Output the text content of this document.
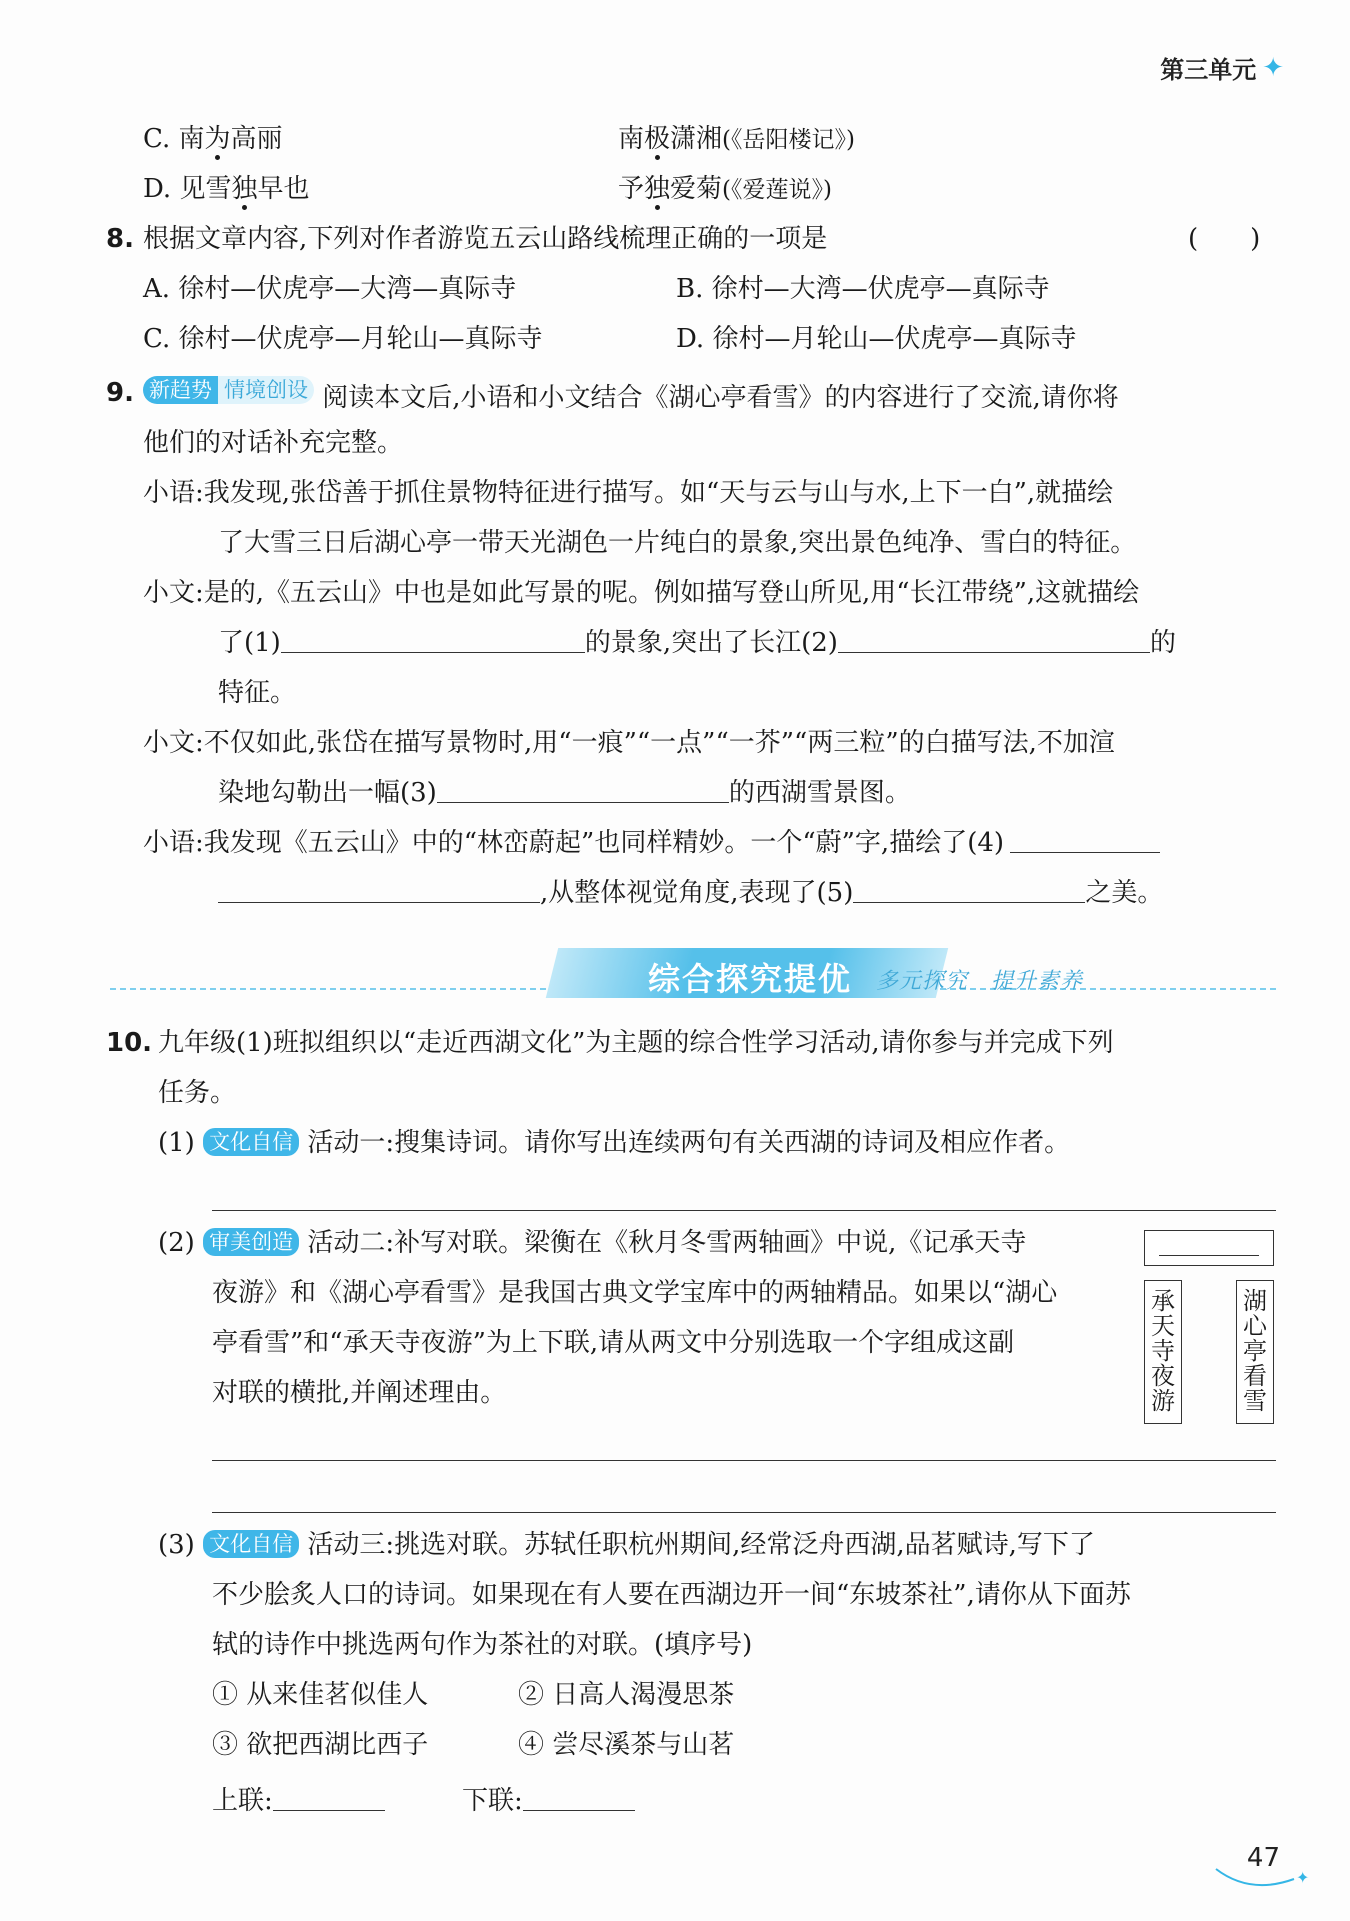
第三单元 ✦
C. 南为高丽	南极潇湘(《岳阳楼记》)
D. 见雪独早也	予独爱菊(《爱莲说》)
8. 根据文章内容,下列对作者游览五云山路线梳理正确的一项是	(　　)
A. 徐村—伏虎亭—大湾—真际寺	B. 徐村—大湾—伏虎亭—真际寺
C. 徐村—伏虎亭—月轮山—真际寺	D. 徐村—月轮山—伏虎亭—真际寺
9. 新趋势 情境创设 阅读本文后,小语和小文结合《湖心亭看雪》的内容进行了交流,请你将
他们的对话补充完整。
小语:我发现,张岱善于抓住景物特征进行描写。如“天与云与山与水,上下一白”,就描绘
了大雪三日后湖心亭一带天光湖色一片纯白的景象,突出景色纯净、雪白的特征。
小文:是的,《五云山》中也是如此写景的呢。例如描写登山所见,用“长江带绕”,这就描绘
了(1)	的景象,突出了长江(2)	的
特征。
小文:不仅如此,张岱在描写景物时,用“一痕”“一点”“一芥”“两三粒”的白描写法,不加渲
染地勾勒出一幅(3)	的西湖雪景图。
小语:我发现《五云山》中的“林峦蔚起”也同样精妙。一个“蔚”字,描绘了(4)
,从整体视觉角度,表现了(5)	之美。
综合探究提优	多元探究　提升素养
10. 九年级(1)班拟组织以“走近西湖文化”为主题的综合性学习活动,请你参与并完成下列
任务。
(1) 文化自信 活动一:搜集诗词。请你写出连续两句有关西湖的诗词及相应作者。
(2) 审美创造 活动二:补写对联。梁衡在《秋月冬雪两轴画》中说,《记承天寺
夜游》和《湖心亭看雪》是我国古典文学宝库中的两轴精品。如果以“湖心
亭看雪”和“承天寺夜游”为上下联,请从两文中分别选取一个字组成这副
对联的横批,并阐述理由。
承天寺夜游
湖心亭看雪
(3) 文化自信 活动三:挑选对联。苏轼任职杭州期间,经常泛舟西湖,品茗赋诗,写下了
不少脍炙人口的诗词。如果现在有人要在西湖边开一间“东坡茶社”,请你从下面苏
轼的诗作中挑选两句作为茶社的对联。(填序号)
① 从来佳茗似佳人	② 日高人渴漫思茶
③ 欲把西湖比西子	④ 尝尽溪茶与山茗
上联:	下联:
✦
47
